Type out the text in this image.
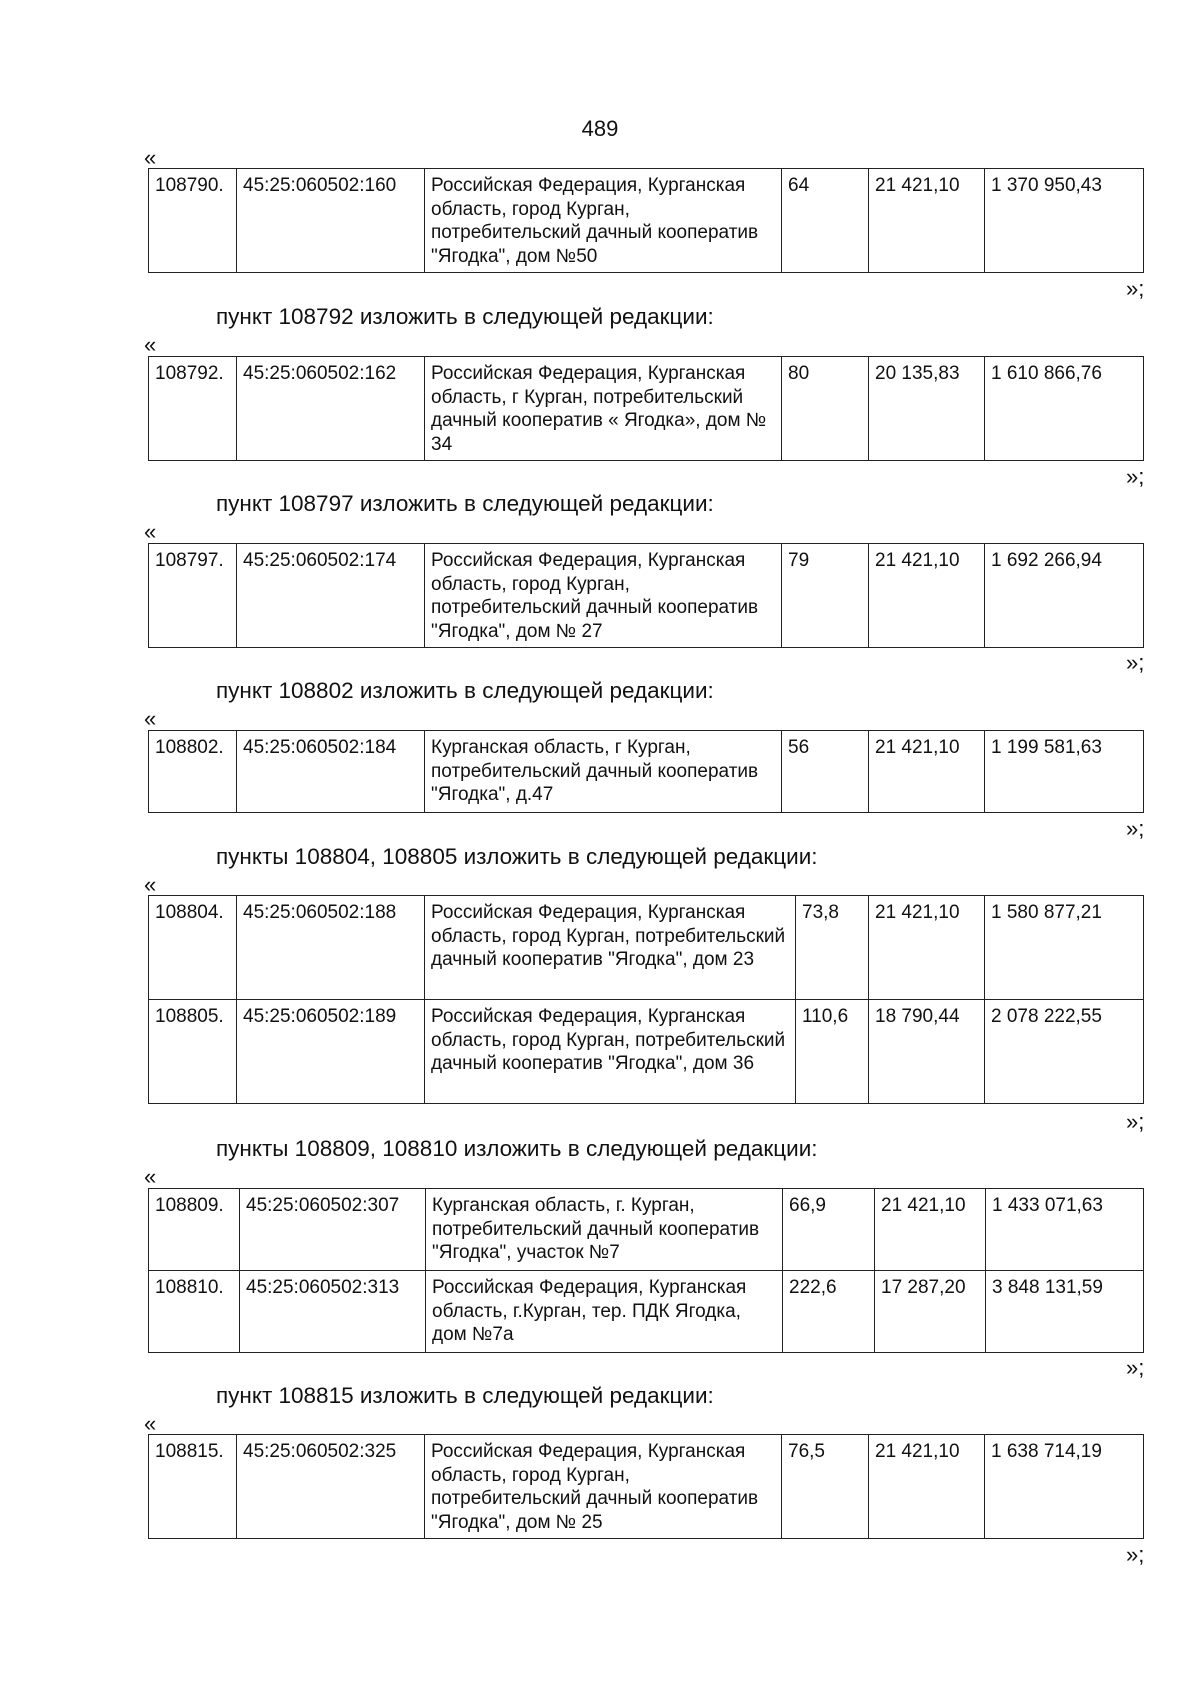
489
«
108790.	45:25:060502:160	Российская Федерация, Курганская область, город Курган, потребительский дачный кооператив "Ягодка", дом №50	64	21 421,10	1 370 950,43
»;
пункт 108792 изложить в следующей редакции:
«
108792.	45:25:060502:162	Российская Федерация, Курганская область, г Курган, потребительский дачный кооператив « Ягодка», дом № 34	80	20 135,83	1 610 866,76
»;
пункт 108797 изложить в следующей редакции:
«
108797.	45:25:060502:174	Российская Федерация, Курганская область, город Курган, потребительский дачный кооператив "Ягодка", дом № 27	79	21 421,10	1 692 266,94
»;
пункт 108802 изложить в следующей редакции:
«
108802.	45:25:060502:184	Курганская область, г Курган, потребительский дачный кооператив "Ягодка", д.47	56	21 421,10	1 199 581,63
»;
пункты 108804, 108805 изложить в следующей редакции:
«
108804.	45:25:060502:188	Российская Федерация, Курганская область, город Курган, потребительский дачный кооператив "Ягодка", дом 23	73,8	21 421,10	1 580 877,21
108805.	45:25:060502:189	Российская Федерация, Курганская область, город Курган, потребительский дачный кооператив "Ягодка", дом 36	110,6	18 790,44	2 078 222,55
»;
пункты 108809, 108810 изложить в следующей редакции:
«
108809.	45:25:060502:307	Курганская область, г. Курган, потребительский дачный кооператив "Ягодка", участок №7	66,9	21 421,10	1 433 071,63
108810.	45:25:060502:313	Российская Федерация, Курганская область, г.Курган, тер. ПДК Ягодка, дом №7а	222,6	17 287,20	3 848 131,59
»;
пункт 108815 изложить в следующей редакции:
«
108815.	45:25:060502:325	Российская Федерация, Курганская область, город Курган, потребительский дачный кооператив "Ягодка", дом № 25	76,5	21 421,10	1 638 714,19
»;
